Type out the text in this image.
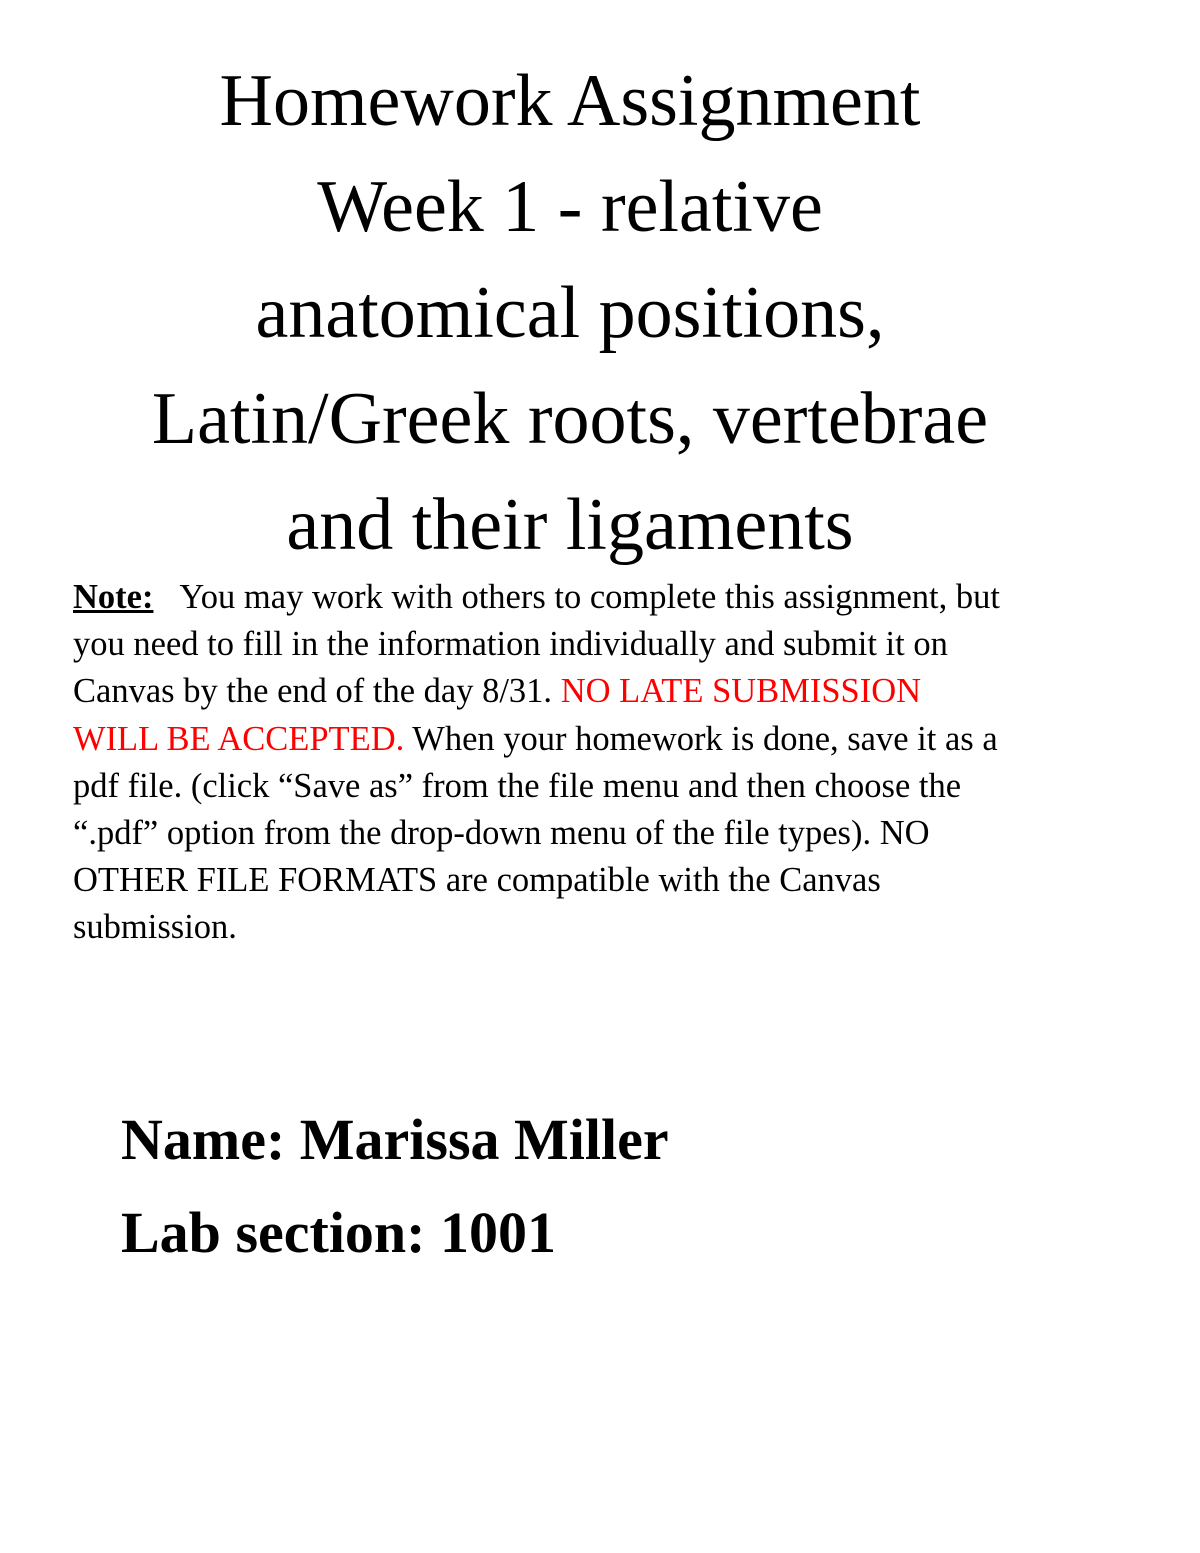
Homework Assignment
Week 1 - relative
anatomical positions,
Latin/Greek roots, vertebrae
and their ligaments
Note: You may work with others to complete this assignment, but
you need to fill in the information individually and submit it on
Canvas by the end of the day 8/31. NO LATE SUBMISSION
WILL BE ACCEPTED. When your homework is done, save it as a
pdf file. (click “Save as” from the file menu and then choose the
“.pdf” option from the drop-down menu of the file types). NO
OTHER FILE FORMATS are compatible with the Canvas
submission.
Name: Marissa Miller
Lab section: 1001
